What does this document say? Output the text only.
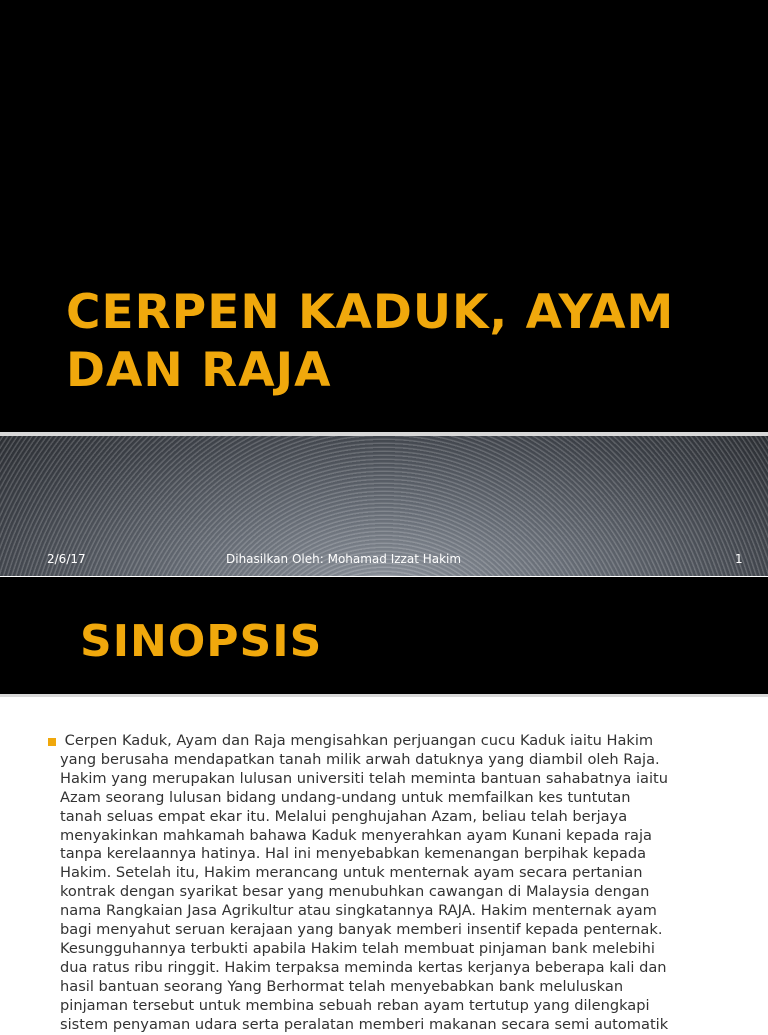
CERPEN KADUK, AYAM
DAN RAJA
2/6/17	Dihasilkan Oleh: Mohamad Izzat Hakim	1
SINOPSIS

Cerpen Kaduk, Ayam dan Raja mengisahkan perjuangan cucu Kaduk iaitu Hakim
yang berusaha mendapatkan tanah milik arwah datuknya yang diambil oleh Raja.
Hakim yang merupakan lulusan universiti telah meminta bantuan sahabatnya iaitu
Azam seorang lulusan bidang undang-undang untuk memfailkan kes tuntutan
tanah seluas empat ekar itu. Melalui penghujahan Azam, beliau telah berjaya
menyakinkan mahkamah bahawa Kaduk menyerahkan ayam Kunani kepada raja
tanpa kerelaannya hatinya. Hal ini menyebabkan kemenangan berpihak kepada
Hakim. Setelah itu, Hakim merancang untuk menternak ayam secara pertanian
kontrak dengan syarikat besar yang menubuhkan cawangan di Malaysia dengan
nama Rangkaian Jasa Agrikultur atau singkatannya RAJA. Hakim menternak ayam
bagi menyahut seruan kerajaan yang banyak memberi insentif kepada penternak.
Kesungguhannya terbukti apabila Hakim telah membuat pinjaman bank melebihi
dua ratus ribu ringgit. Hakim terpaksa meminda kertas kerjanya beberapa kali dan
hasil bantuan seorang Yang Berhormat telah menyebabkan bank meluluskan
pinjaman tersebut untuk membina sebuah reban ayam tertutup yang dilengkapi
sistem penyaman udara serta peralatan memberi makanan secara semi automatik
